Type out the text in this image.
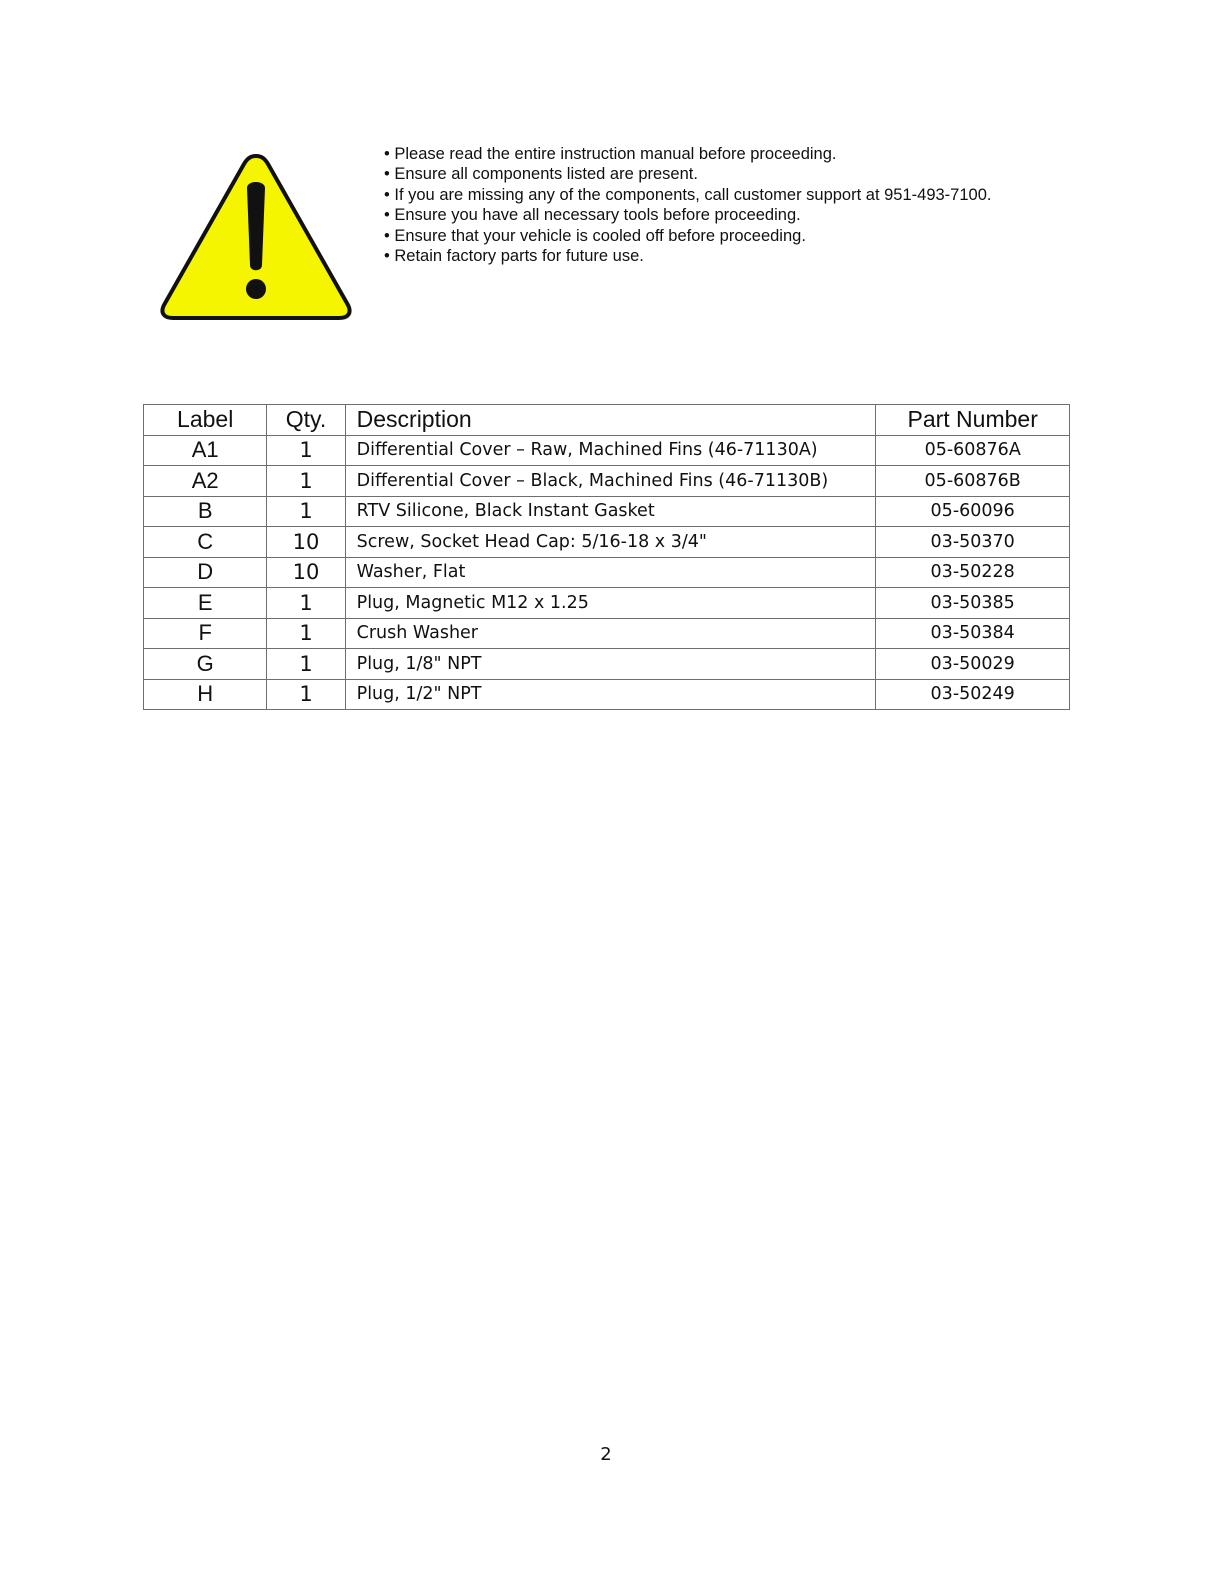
• Please read the entire instruction manual before proceeding.
• Ensure all components listed are present.
• If you are missing any of the components, call customer support at 951-493-7100.
• Ensure you have all necessary tools before proceeding.
• Ensure that your vehicle is cooled off before proceeding.
• Retain factory parts for future use.
Label	Qty.	Description	Part Number
A1	1	Differential Cover – Raw, Machined Fins (46-71130A)	05-60876A
A2	1	Differential Cover – Black, Machined Fins (46-71130B)	05-60876B
B	1	RTV Silicone, Black Instant Gasket	05-60096
C	10	Screw, Socket Head Cap: 5/16-18 x 3/4"	03-50370
D	10	Washer, Flat	03-50228
E	1	Plug, Magnetic M12 x 1.25	03-50385
F	1	Crush Washer	03-50384
G	1	Plug, 1/8" NPT	03-50029
H	1	Plug, 1/2" NPT	03-50249
2
